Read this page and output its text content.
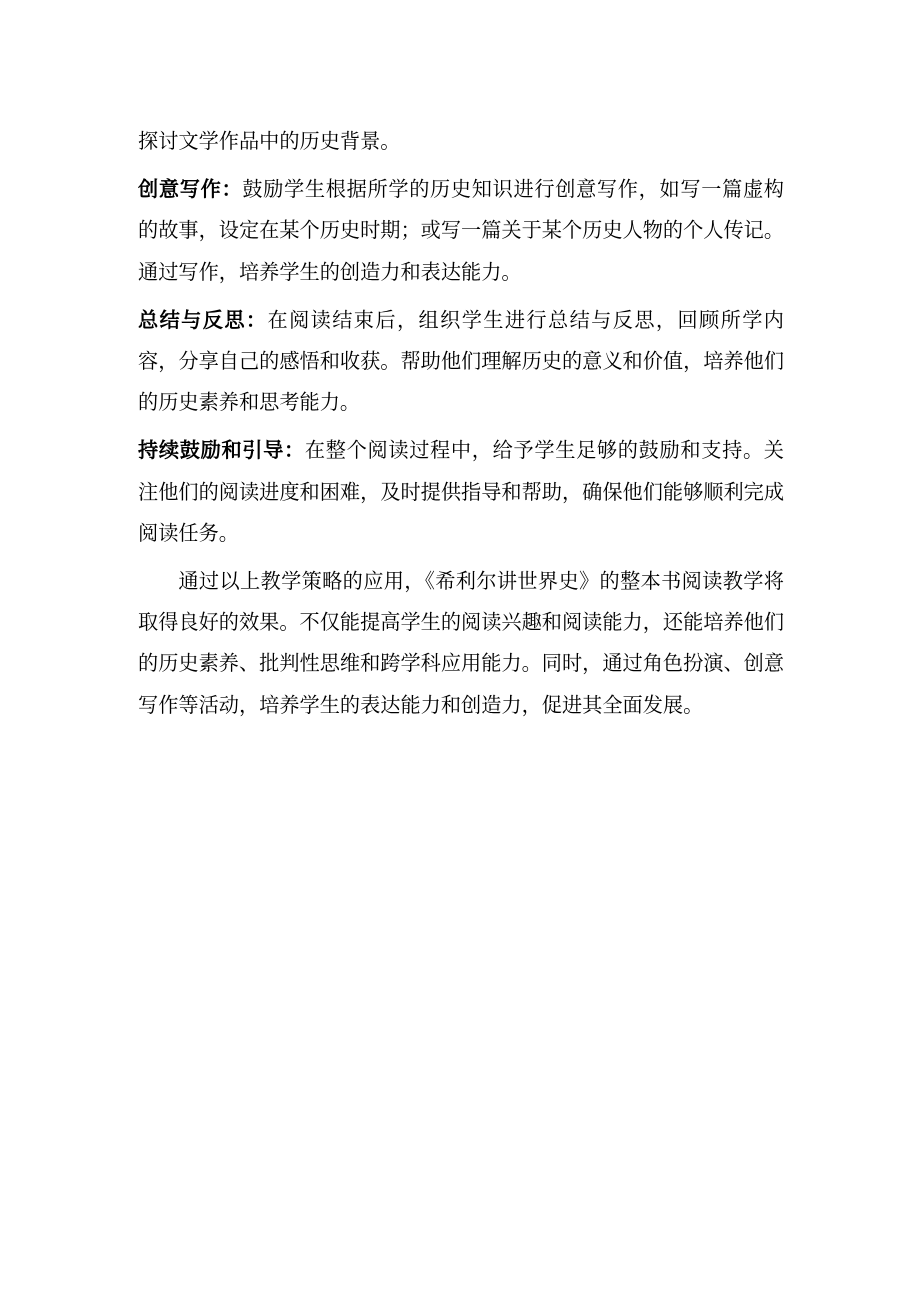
探讨文学作品中的历史背景。

创意写作：鼓励学生根据所学的历史知识进行创意写作，如写一篇虚构的故事，设定在某个历史时期；或写一篇关于某个历史人物的个人传记。通过写作，培养学生的创造力和表达能力。

总结与反思：在阅读结束后，组织学生进行总结与反思，回顾所学内容，分享自己的感悟和收获。帮助他们理解历史的意义和价值，培养他们的历史素养和思考能力。

持续鼓励和引导：在整个阅读过程中，给予学生足够的鼓励和支持。关注他们的阅读进度和困难，及时提供指导和帮助，确保他们能够顺利完成阅读任务。

通过以上教学策略的应用，《希利尔讲世界史》的整本书阅读教学将取得良好的效果。不仅能提高学生的阅读兴趣和阅读能力，还能培养他们的历史素养、批判性思维和跨学科应用能力。同时，通过角色扮演、创意写作等活动，培养学生的表达能力和创造力，促进其全面发展。
